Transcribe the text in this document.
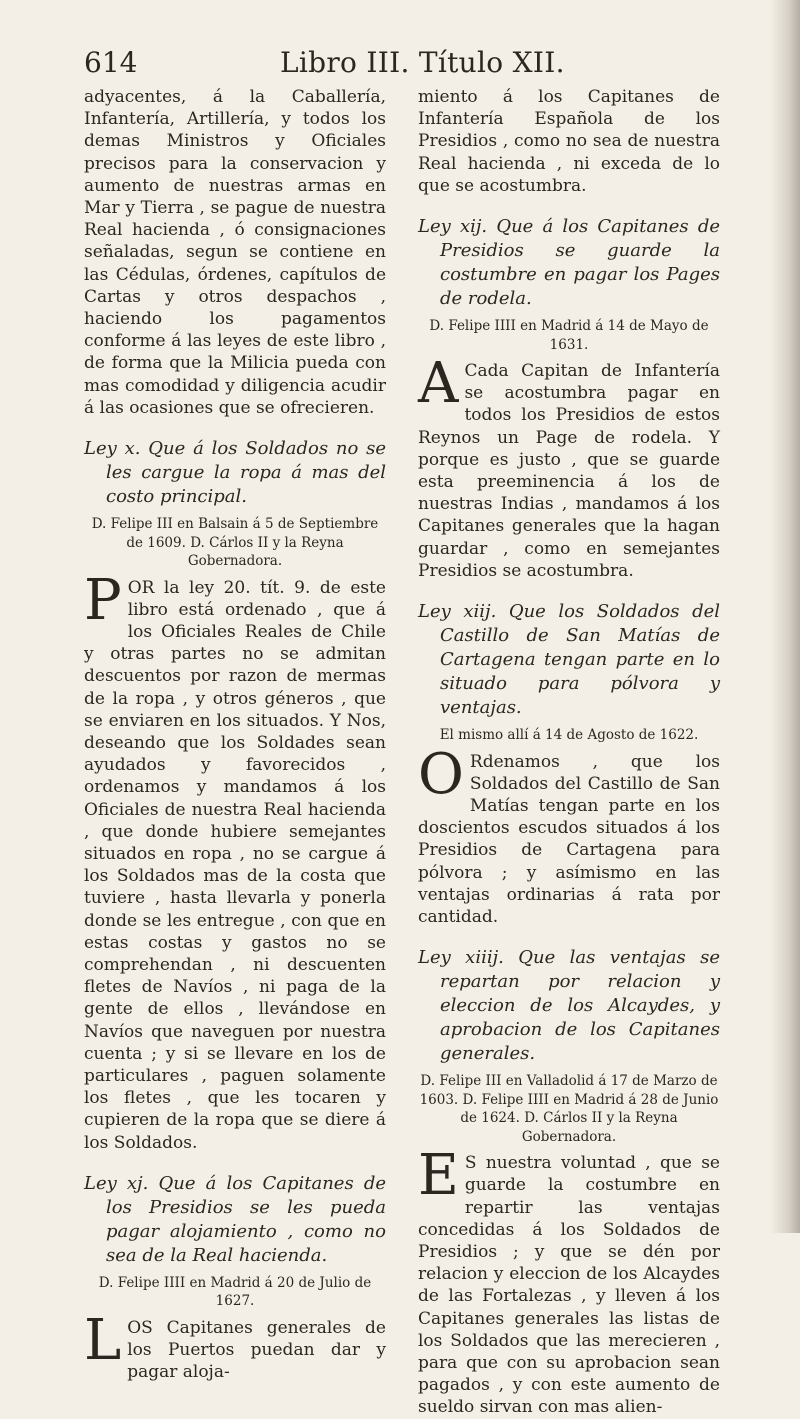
614	Libro III. Título XII.

adyacentes, á la Caballería, Infantería, Artillería, y todos los demas Ministros y Oficiales precisos para la conservacion y aumento de nuestras armas en Mar y Tierra , se pague de nuestra Real hacienda , ó consignaciones señaladas, segun se contiene en las Cédulas, órdenes, capítulos de Cartas y otros despachos , haciendo los pagamentos conforme á las leyes de este libro , de forma que la Milicia pueda con mas comodidad y diligencia acudir á las ocasiones que se ofrecieren.

Ley x. Que á los Soldados no se les cargue la ropa á mas del costo principal.

D. Felipe III en Balsain á 5 de Septiembre de 1609. D. Cárlos II y la Reyna Gobernadora.

POR la ley 20. tít. 9. de este libro está ordenado , que á los Oficiales Reales de Chile y otras partes no se admitan descuentos por razon de mermas de la ropa , y otros géneros , que se enviaren en los situados. Y Nos, deseando que los Soldades sean ayudados y favorecidos , ordenamos y mandamos á los Oficiales de nuestra Real hacienda , que donde hubiere semejantes situados en ropa , no se cargue á los Soldados mas de la costa que tuviere , hasta llevarla y ponerla donde se les entregue , con que en estas costas y gastos no se comprehendan , ni descuenten fletes de Navíos , ni paga de la gente de ellos , llevándose en Navíos que naveguen por nuestra cuenta ; y si se llevare en los de particulares , paguen solamente los fletes , que les tocaren y cupieren de la ropa que se diere á los Soldados.

Ley xj. Que á los Capitanes de los Presidios se les pueda pagar alojamiento , como no sea de la Real hacienda.

D. Felipe IIII en Madrid á 20 de Julio de 1627.

LOS Capitanes generales de los Puertos puedan dar y pagar aloja-

miento á los Capitanes de Infantería Española de los Presidios , como no sea de nuestra Real hacienda , ni exceda de lo que se acostumbra.

Ley xij. Que á los Capitanes de Presidios se guarde la costumbre en pagar los Pages de rodela.

D. Felipe IIII en Madrid á 14 de Mayo de 1631.

A Cada Capitan de Infantería se acostumbra pagar en todos los Presidios de estos Reynos un Page de rodela. Y porque es justo , que se guarde esta preeminencia á los de nuestras Indias , mandamos á los Capitanes generales que la hagan guardar , como en semejantes Presidios se acostumbra.

Ley xiij. Que los Soldados del Castillo de San Matías de Cartagena tengan parte en lo situado para pólvora y ventajas.

El mismo allí á 14 de Agosto de 1622.

O Rdenamos , que los Soldados del Castillo de San Matías tengan parte en los doscientos escudos situados á los Presidios de Cartagena para pólvora ; y asímismo en las ventajas ordinarias á rata por cantidad.

Ley xiiij. Que las ventajas se repartan por relacion y eleccion de los Alcaydes, y aprobacion de los Capitanes generales.

D. Felipe III en Valladolid á 17 de Marzo de 1603. D. Felipe IIII en Madrid á 28 de Junio de 1624. D. Cárlos II y la Reyna Gobernadora.

E S nuestra voluntad , que se guarde la costumbre en repartir las ventajas concedidas á los Soldados de Presidios ; y que se dén por relacion y eleccion de los Alcaydes de las Fortalezas , y lleven á los Capitanes generales las listas de los Soldados que las merecieren , para que con su aprobacion sean pagados , y con este aumento de sueldo sirvan con mas alien-
